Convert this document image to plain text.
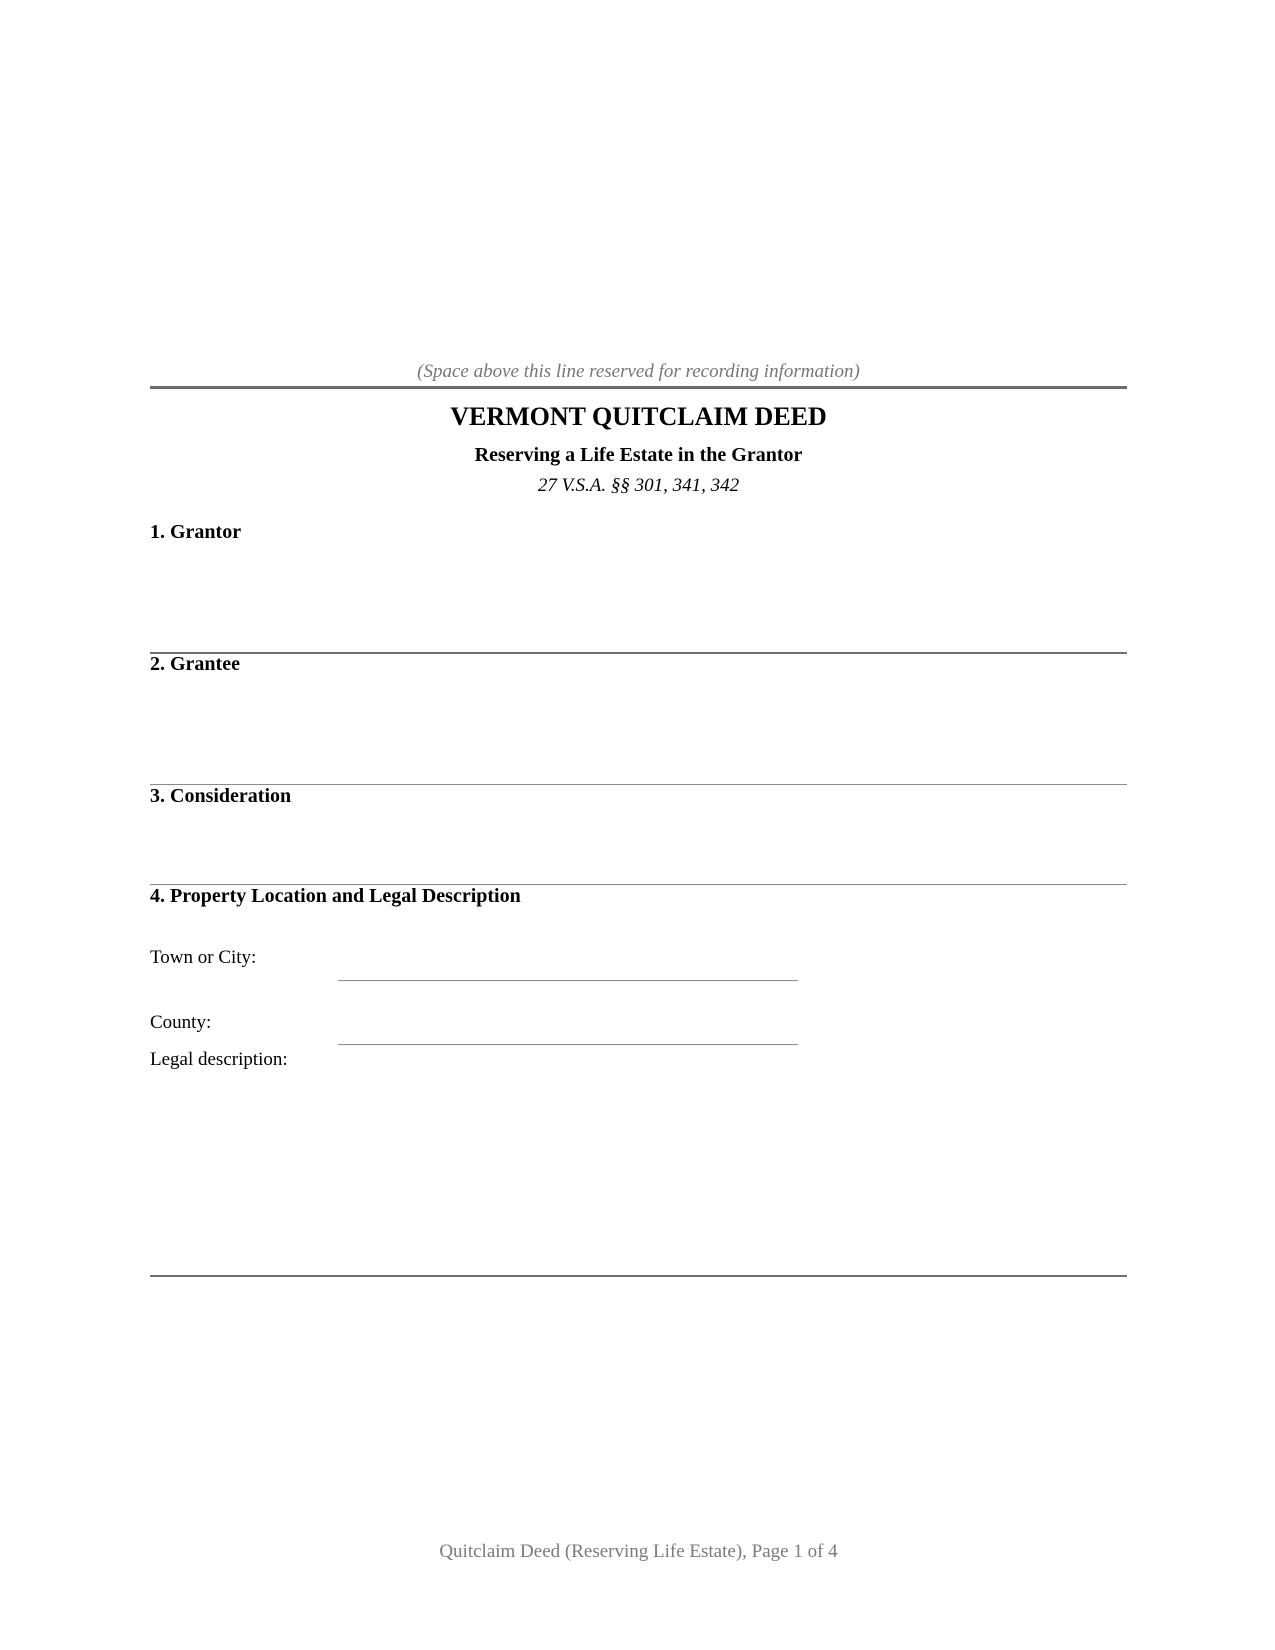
(Space above this line reserved for recording information)
VERMONT QUITCLAIM DEED
Reserving a Life Estate in the Grantor
27 V.S.A. §§ 301, 341, 342
1. Grantor
2. Grantee
3. Consideration
4. Property Location and Legal Description
Town or City:
County:
Legal description:
Quitclaim Deed (Reserving Life Estate), Page 1 of 4
